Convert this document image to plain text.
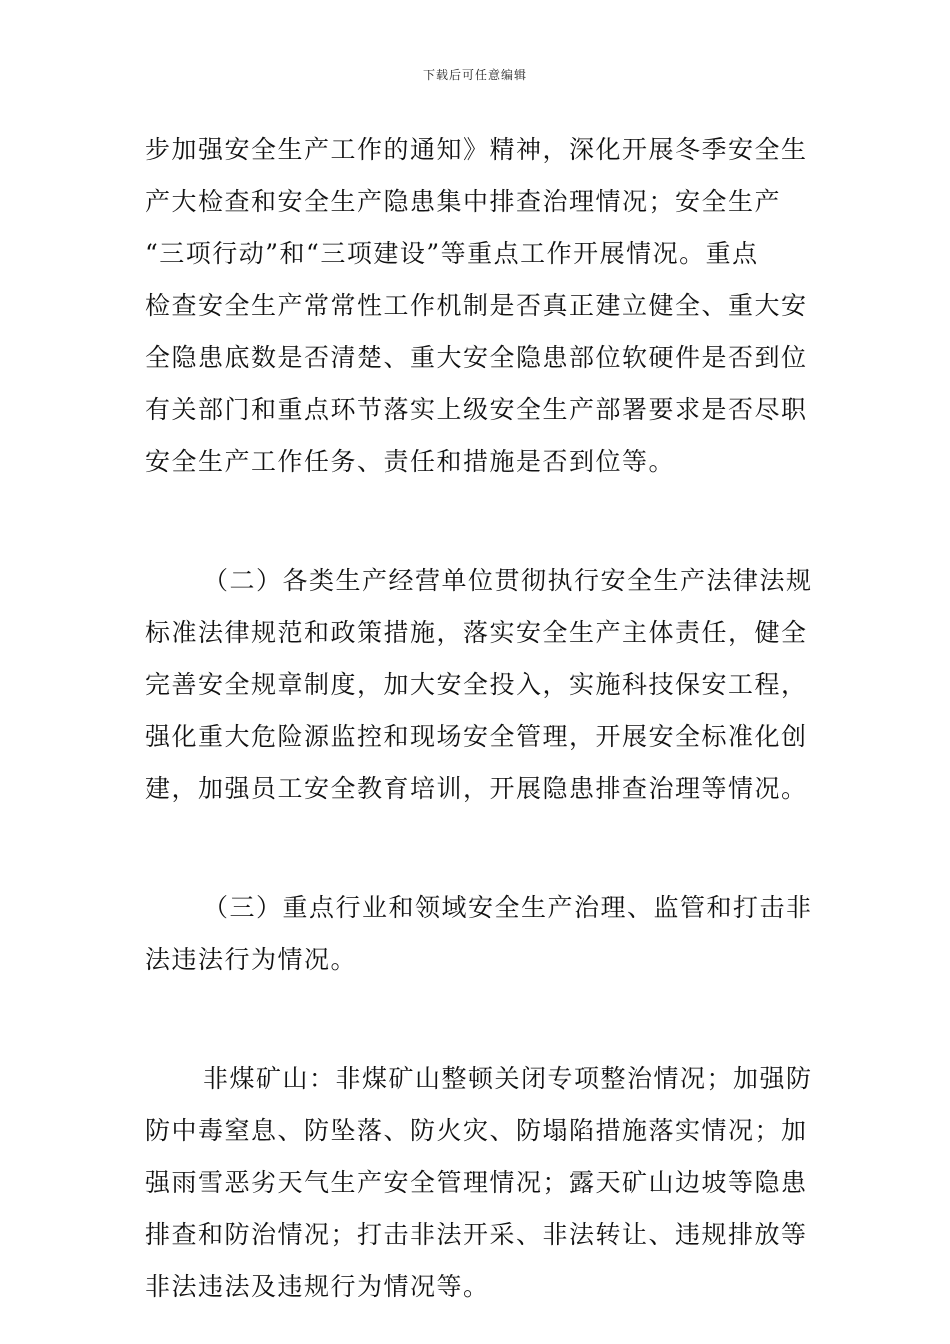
下载后可任意编辑
步加强安全生产工作的通知》精神，深化开展冬季安全生
产大检查和安全生产隐患集中排查治理情况；安全生产
“三项行动”和“三项建设”等重点工作开展情况。重点
检查安全生产常常性工作机制是否真正建立健全、重大安
全隐患底数是否清楚、重大安全隐患部位软硬件是否到位
有关部门和重点环节落实上级安全生产部署要求是否尽职
安全生产工作任务、责任和措施是否到位等。
（二）各类生产经营单位贯彻执行安全生产法律法规
标准法律规范和政策措施，落实安全生产主体责任，健全
完善安全规章制度，加大安全投入，实施科技保安工程，
强化重大危险源监控和现场安全管理，开展安全标准化创
建，加强员工安全教育培训，开展隐患排查治理等情况。
（三）重点行业和领域安全生产治理、监管和打击非
法违法行为情况。
非煤矿山：非煤矿山整顿关闭专项整治情况；加强防
防中毒窒息、防坠落、防火灾、防塌陷措施落实情况；加
强雨雪恶劣天气生产安全管理情况；露天矿山边坡等隐患
排查和防治情况；打击非法开采、非法转让、违规排放等
非法违法及违规行为情况等。
